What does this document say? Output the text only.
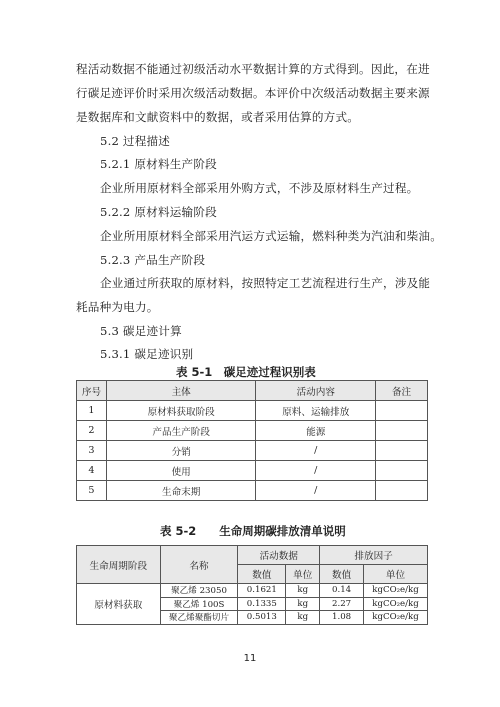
程活动数据不能通过初级活动水平数据计算的方式得到。因此，在进
行碳足迹评价时采用次级活动数据。本评价中次级活动数据主要来源
是数据库和文献资料中的数据，或者采用估算的方式。
5.2 过程描述
5.2.1 原材料生产阶段
企业所用原材料全部采用外购方式，不涉及原材料生产过程。
5.2.2 原材料运输阶段
企业所用原材料全部采用汽运方式运输，燃料种类为汽油和柴油。
5.2.3 产品生产阶段
企业通过所获取的原材料，按照特定工艺流程进行生产，涉及能
耗品种为电力。
5.3 碳足迹计算
5.3.1 碳足迹识别
表 5-1　碳足迹过程识别表
序号	主体	活动内容	备注
1	原材料获取阶段	原料、运输排放	
2	产品生产阶段	能源	
3	分销	/	
4	使用	/	
5	生命末期	/	
表 5-2　　生命周期碳排放清单说明
生命周期阶段	名称	活动数据		排放因子	
		数值	单位	数值	单位
原材料获取	聚乙烯 23050	0.1621	kg	0.14	kgCO₂e/kg
	聚乙烯 100S	0.1335	kg	2.27	kgCO₂e/kg
	聚乙烯聚酯切片	0.5013	kg	1.08	kgCO₂e/kg
11
